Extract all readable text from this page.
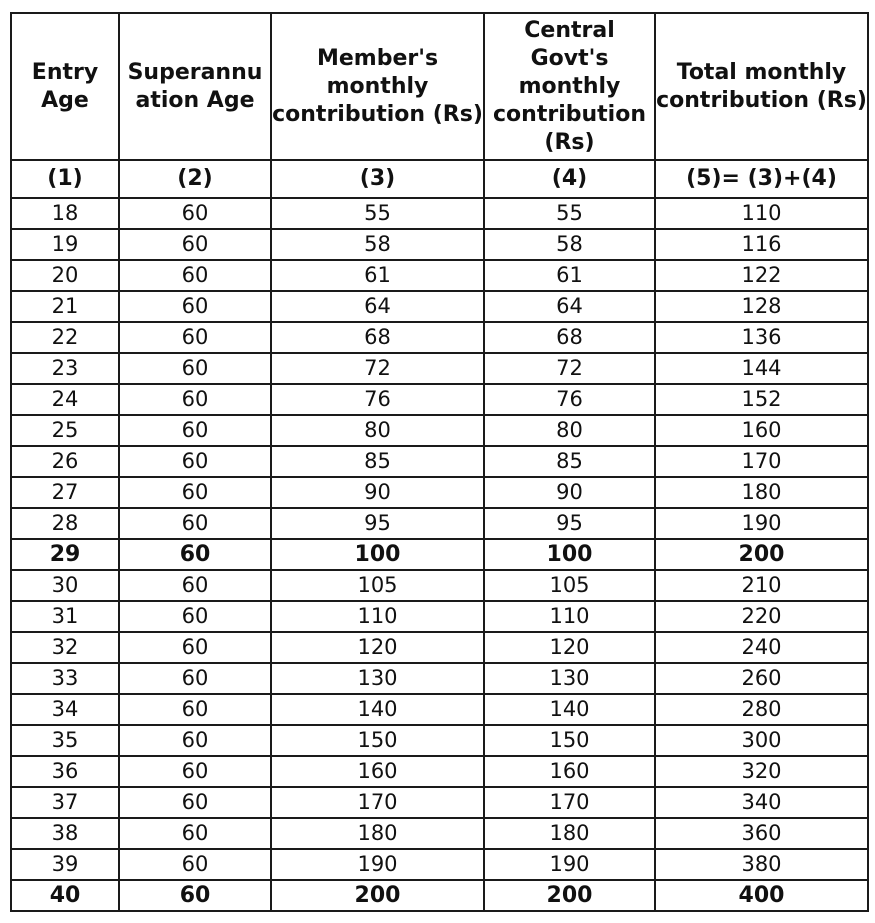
Entry Age	Superannu ation Age	Member's monthly contribution (Rs)	Central Govt's monthly contribution (Rs)	Total monthly contribution (Rs)
(1)	(2)	(3)	(4)	(5)= (3)+(4)
18	60	55	55	110
19	60	58	58	116
20	60	61	61	122
21	60	64	64	128
22	60	68	68	136
23	60	72	72	144
24	60	76	76	152
25	60	80	80	160
26	60	85	85	170
27	60	90	90	180
28	60	95	95	190
29	60	100	100	200
30	60	105	105	210
31	60	110	110	220
32	60	120	120	240
33	60	130	130	260
34	60	140	140	280
35	60	150	150	300
36	60	160	160	320
37	60	170	170	340
38	60	180	180	360
39	60	190	190	380
40	60	200	200	400
